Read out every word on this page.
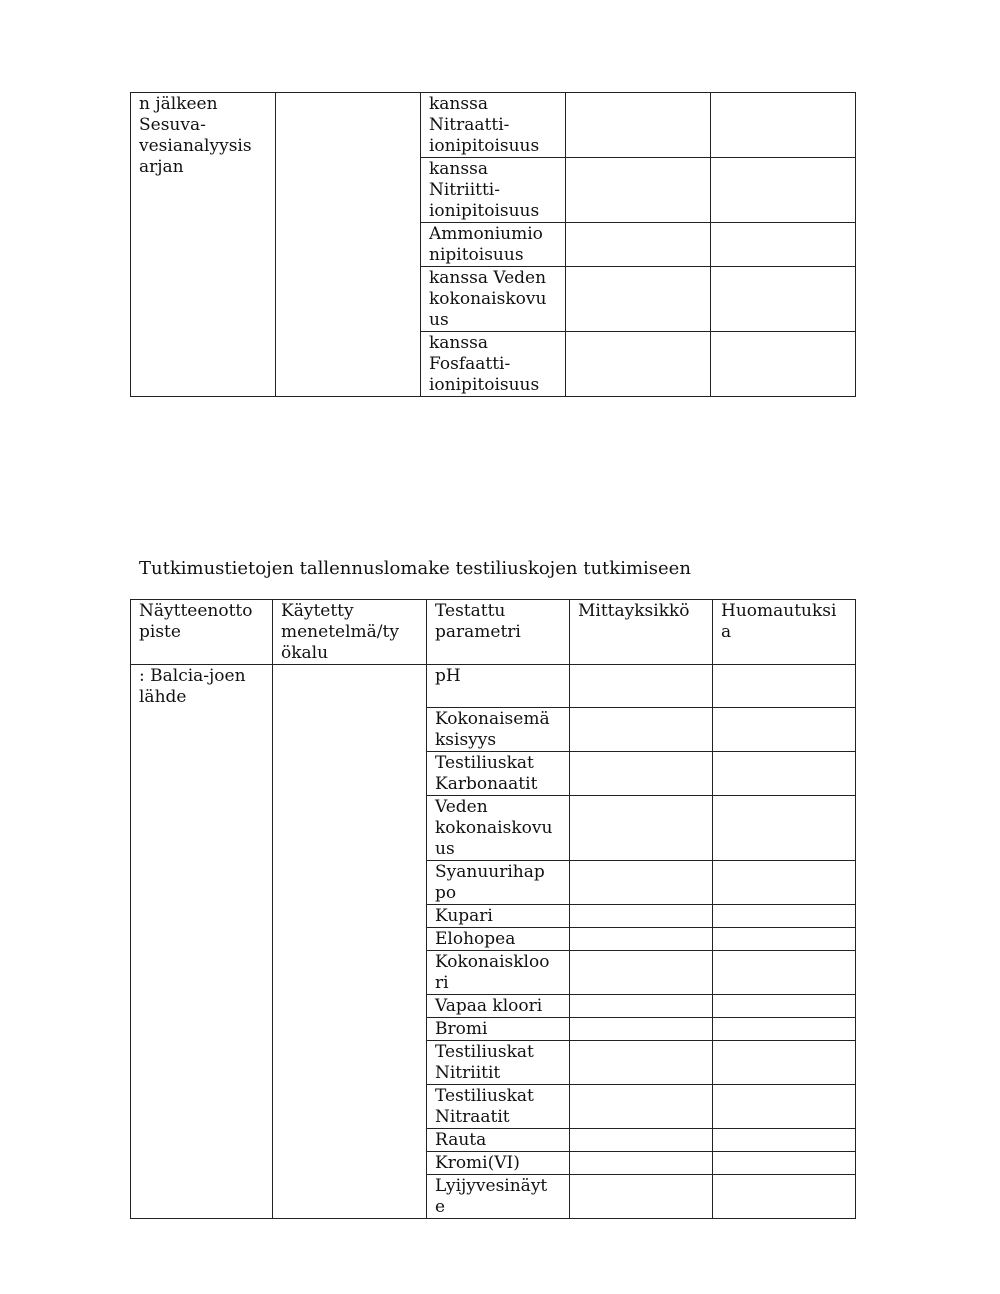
n jälkeen
Sesuva-
vesianalyysis
arjan		kanssa
Nitraatti-
ionipitoisuus		
		kanssa
Nitriitti-
ionipitoisuus		
		Ammoniumio
nipitoisuus		
		kanssa Veden
kokonaiskovu
us		
		kanssa
Fosfaatti-
ionipitoisuus		
Tutkimustietojen tallennuslomake testiliuskojen tutkimiseen
Näytteenotto
piste	Käytetty
menetelmä/ty
ökalu	Testattu
parametri	Mittayksikkö	Huomautuksi
a
: Balcia-joen
lähde		pH		
		Kokonaisemä
ksisyys		
		Testiliuskat
Karbonaatit		
		Veden
kokonaiskovu
us		
		Syanuurihap
po		
		Kupari		
		Elohopea		
		Kokonaiskloo
ri		
		Vapaa kloori		
		Bromi		
		Testiliuskat
Nitriitit		
		Testiliuskat
Nitraatit		
		Rauta		
		Kromi(VI)		
		Lyijyvesinäyt
e		
